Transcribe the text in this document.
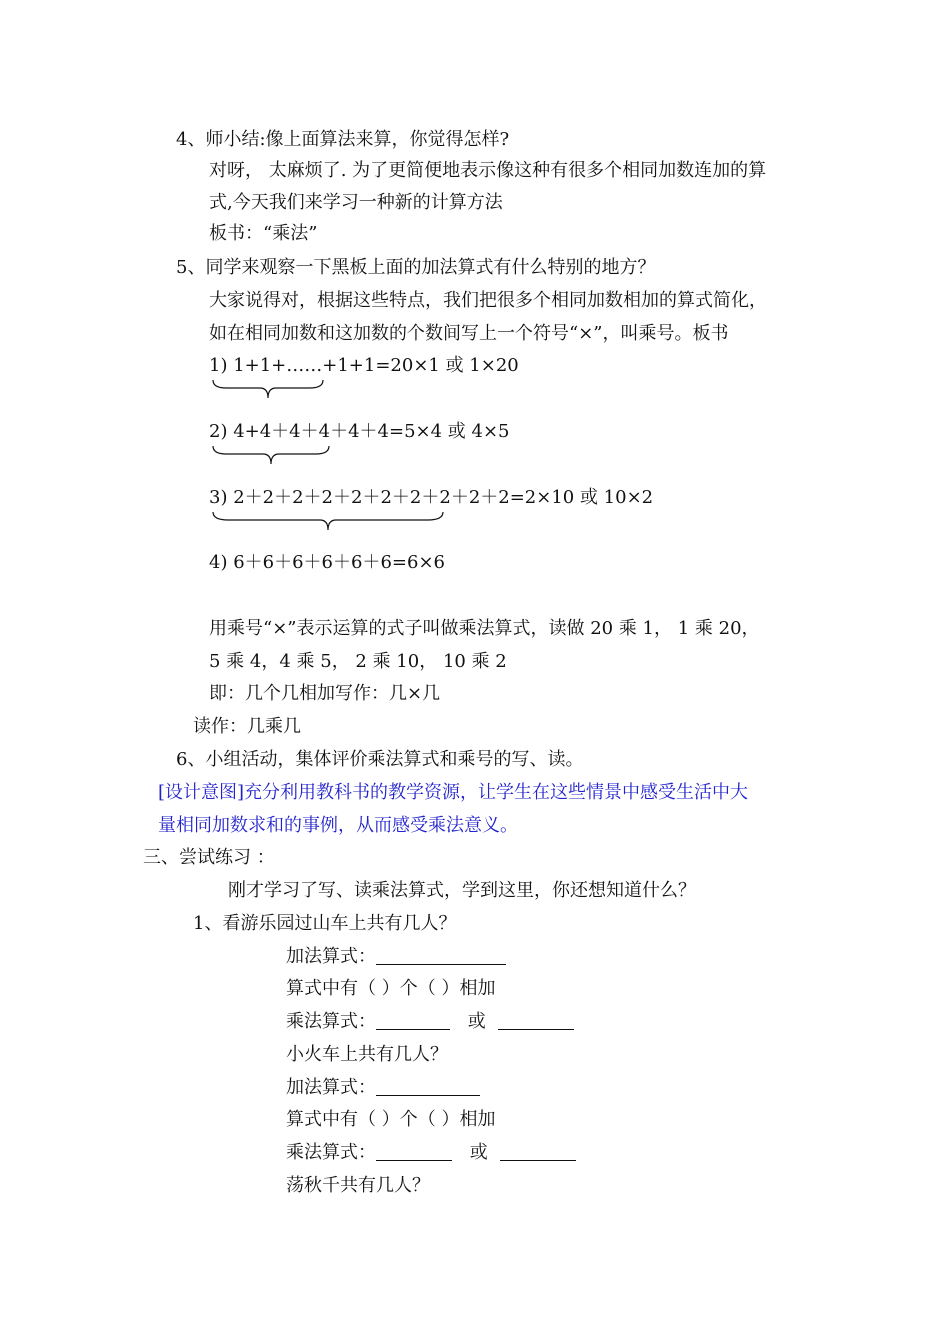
4、师小结:像上面算法来算，你觉得怎样?
对呀， 太麻烦了. 为了更简便地表示像这种有很多个相同加数连加的算
式,今天我们来学习一种新的计算方法
板书：“乘法”
5、同学来观察一下黑板上面的加法算式有什么特别的地方？
大家说得对，根据这些特点，我们把很多个相同加数相加的算式简化，
如在相同加数和这加数的个数间写上一个符号“×”，叫乘号。板书
1) 1+1+……+1+1=20×1 或 1×20
2) 4+4＋4＋4＋4＋4=5×4 或 4×5
3) 2＋2＋2＋2＋2＋2＋2＋2＋2＋2=2×10 或 10×2
4) 6＋6＋6＋6＋6＋6=6×6
用乘号“×”表示运算的式子叫做乘法算式，读做 20 乘 1， 1 乘 20，
5 乘 4，4 乘 5， 2 乘 10， 10 乘 2
即：几个几相加写作：几×几
读作：几乘几
6、小组活动，集体评价乘法算式和乘号的写、读。
[设计意图]充分利用教科书的教学资源，让学生在这些情景中感受生活中大
量相同加数求和的事例，从而感受乘法意义。
三、尝试练习 ：
刚才学习了写、读乘法算式，学到这里，你还想知道什么？
1、看游乐园过山车上共有几人？
加法算式：
算式中有（ ）个（ ）相加
乘法算式：	或
小火车上共有几人？
加法算式：
算式中有（ ）个（ ）相加
乘法算式：	或
荡秋千共有几人？
